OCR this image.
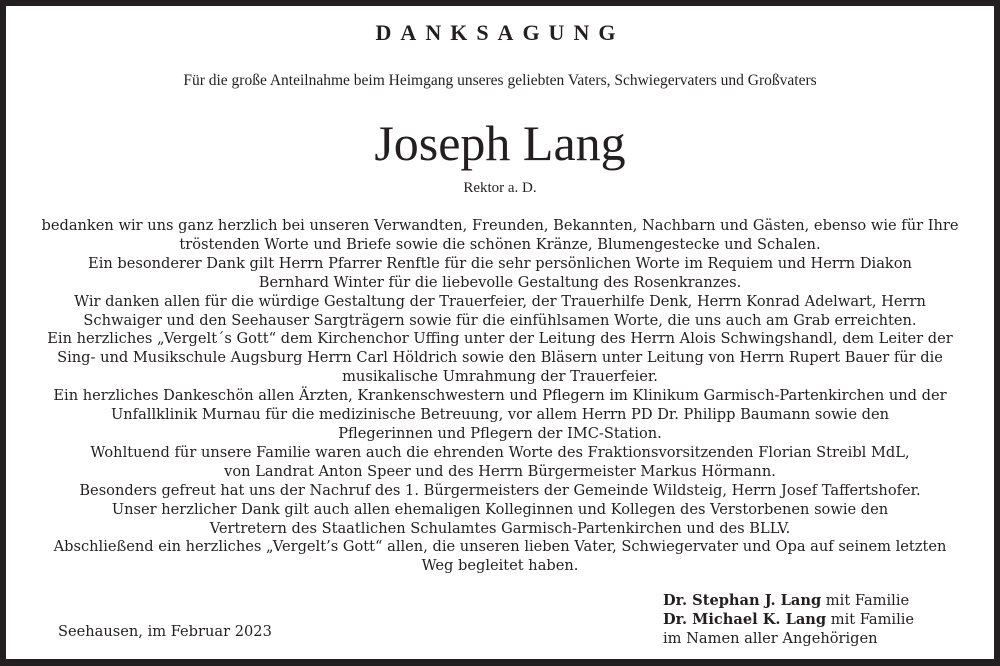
DANKSAGUNG
Für die große Anteilnahme beim Heimgang unseres geliebten Vaters, Schwiegervaters und Großvaters
Joseph Lang
Rektor a. D.
bedanken wir uns ganz herzlich bei unseren Verwandten, Freunden, Bekannten, Nachbarn und Gästen, ebenso wie für Ihre
tröstenden Worte und Briefe sowie die schönen Kränze, Blumengestecke und Schalen.
Ein besonderer Dank gilt Herrn Pfarrer Renftle für die sehr persönlichen Worte im Requiem und Herrn Diakon
Bernhard Winter für die liebevolle Gestaltung des Rosenkranzes.
Wir danken allen für die würdige Gestaltung der Trauerfeier, der Trauerhilfe Denk, Herrn Konrad Adelwart, Herrn
Schwaiger und den Seehauser Sargträgern sowie für die einfühlsamen Worte, die uns auch am Grab erreichten.
Ein herzliches „Vergelt´s Gott“ dem Kirchenchor Uffing unter der Leitung des Herrn Alois Schwingshandl, dem Leiter der
Sing- und Musikschule Augsburg Herrn Carl Höldrich sowie den Bläsern unter Leitung von Herrn Rupert Bauer für die
musikalische Umrahmung der Trauerfeier.
Ein herzliches Dankeschön allen Ärzten, Krankenschwestern und Pflegern im Klinikum Garmisch-Partenkirchen und der
Unfallklinik Murnau für die medizinische Betreuung, vor allem Herrn PD Dr. Philipp Baumann sowie den
Pflegerinnen und Pflegern der IMC-Station.
Wohltuend für unsere Familie waren auch die ehrenden Worte des Fraktionsvorsitzenden Florian Streibl MdL,
von Landrat Anton Speer und des Herrn Bürgermeister Markus Hörmann.
Besonders gefreut hat uns der Nachruf des 1. Bürgermeisters der Gemeinde Wildsteig, Herrn Josef Taffertshofer.
Unser herzlicher Dank gilt auch allen ehemaligen Kolleginnen und Kollegen des Verstorbenen sowie den
Vertretern des Staatlichen Schulamtes Garmisch-Partenkirchen und des BLLV.
Abschließend ein herzliches „Vergelt’s Gott“ allen, die unseren lieben Vater, Schwiegervater und Opa auf seinem letzten
Weg begleitet haben.
Seehausen, im Februar 2023
Dr. Stephan J. Lang mit Familie
Dr. Michael K. Lang mit Familie
im Namen aller Angehörigen
